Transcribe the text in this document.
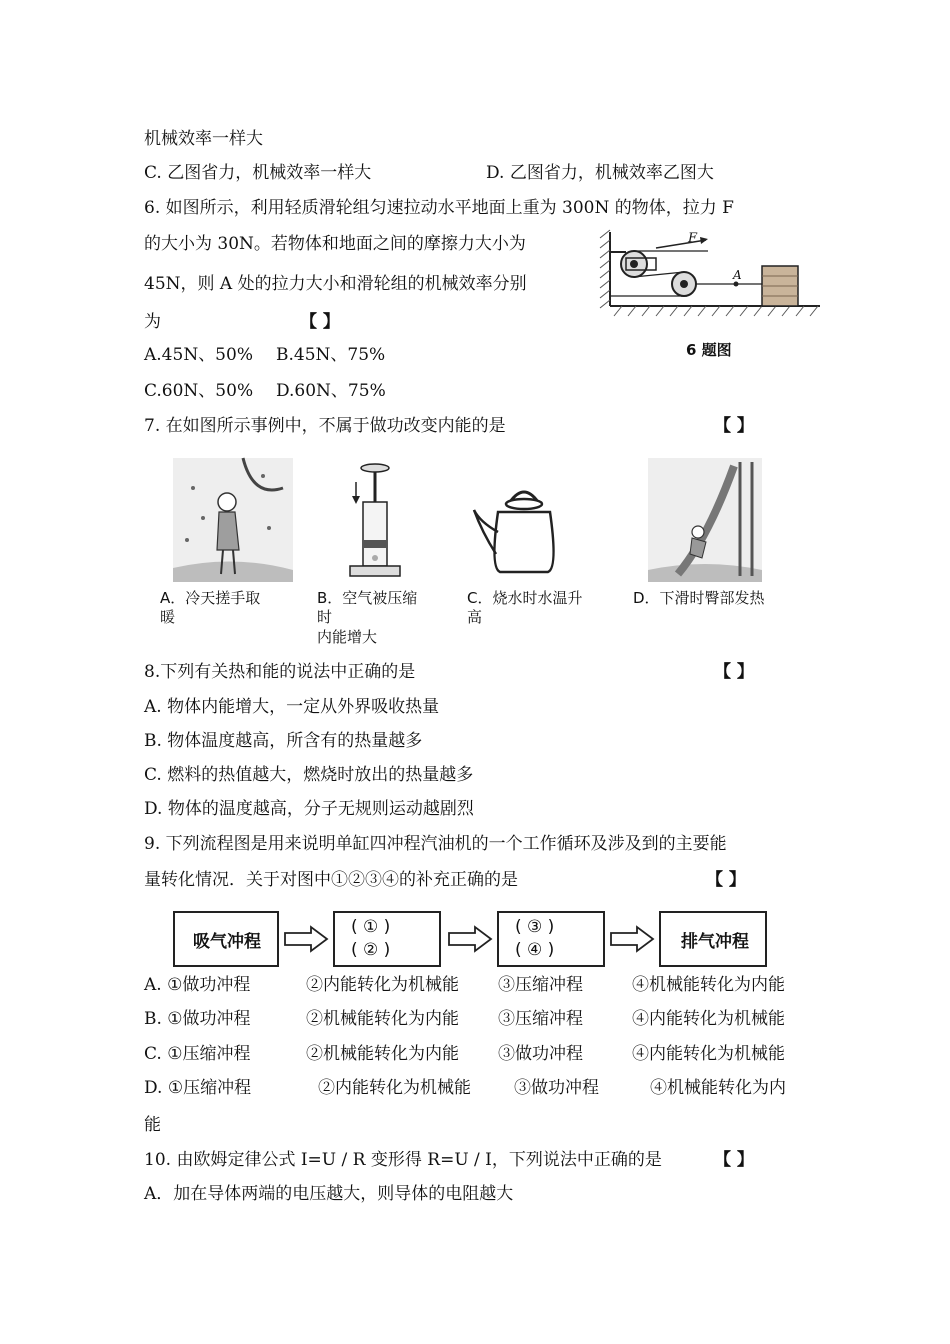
机械效率一样大
C. 乙图省力，机械效率一样大	D. 乙图省力，机械效率乙图大
6. 如图所示，利用轻质滑轮组匀速拉动水平地面上重为 300N 的物体，拉力 F
的大小为 30N。若物体和地面之间的摩擦力大小为
45N，则 A 处的拉力大小和滑轮组的机械效率分别
为	【 】
A.45N、50% B.45N、75%
C.60N、50% D.60N、75%
F
A
6 题图
7. 在如图所示事例中，不属于做功改变内能的是	【 】
A．冷天搓手取
暖
B．空气被压缩
时
内能增大
C．烧水时水温升
高
D．下滑时臀部发热
8.下列有关热和能的说法中正确的是	【 】
A. 物体内能增大，一定从外界吸收热量
B. 物体温度越高，所含有的热量越多
C. 燃料的热值越大，燃烧时放出的热量越多
D. 物体的温度越高，分子无规则运动越剧烈
9. 下列流程图是用来说明单缸四冲程汽油机的一个工作循环及涉及到的主要能
量转化情况．关于对图中①②③④的补充正确的是	【 】
吸气冲程
( ① )
( ② )
( ③ )
( ④ )	排气冲程
A. ①做功冲程	②内能转化为机械能 ③压缩冲程	④机械能转化为内能
B. ①做功冲程	②机械能转化为内能 ③压缩冲程	④内能转化为机械能
C. ①压缩冲程	②机械能转化为内能 ③做功冲程	④内能转化为机械能
D. ①压缩冲程	②内能转化为机械能	③做功冲程	④机械能转化为内
能
10. 由欧姆定律公式 I=U / R 变形得 R=U / I，下列说法中正确的是	【 】
A．加在导体两端的电压越大，则导体的电阻越大
